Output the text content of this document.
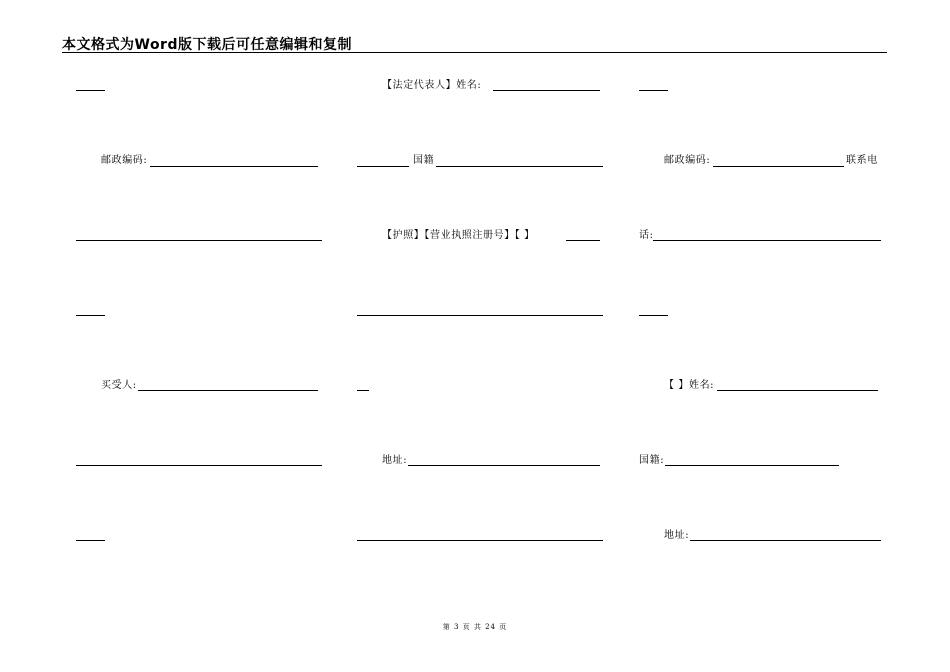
本文格式为Word版下载后可任意编辑和复制
邮政编码:
买受人:
【法定代表人】姓名:
国籍
【护照】【营业执照注册号】【 】
地址:
邮政编码:	联系电
话:
【 】姓名:
国籍:
地址:
第 3 页 共 24 页
